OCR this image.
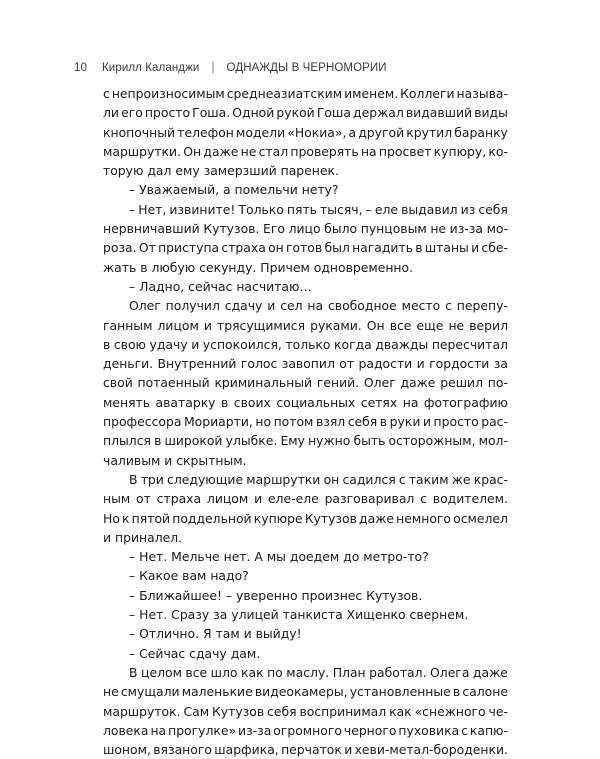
10 Кирилл Каланджи | ОДНАЖДЫ В ЧЕРНОМОРИИ
с непроизносимым среднеазиатским именем. Коллеги называ-
ли его просто Гоша. Одной рукой Гоша держал видавший виды
кнопочный телефон модели «Нокиа», а другой крутил баранку
маршрутки. Он даже не стал проверять на просвет купюру, ко-
торую дал ему замерзший паренек.
– Уважаемый, а помельчи нету?
– Нет, извините! Только пять тысяч, – еле выдавил из себя
нервничавший Кутузов. Его лицо было пунцовым не из-за мо-
роза. От приступа страха он готов был нагадить в штаны и сбе-
жать в любую секунду. Причем одновременно.
– Ладно, сейчас насчитаю…
Олег получил сдачу и сел на свободное место с перепу-
ганным лицом и трясущимися руками. Он все еще не верил
в свою удачу и успокоился, только когда дважды пересчитал
деньги. Внутренний голос завопил от радости и гордости за
свой потаенный криминальный гений. Олег даже решил по-
менять аватарку в своих социальных сетях на фотографию
профессора Мориарти, но потом взял себя в руки и просто рас-
плылся в широкой улыбке. Ему нужно быть осторожным, мол-
чаливым и скрытным.
В три следующие маршрутки он садился с таким же крас-
ным от страха лицом и еле-еле разговаривал с водителем.
Но к пятой поддельной купюре Кутузов даже немного осмелел
и приналел.
– Нет. Мельче нет. А мы доедем до метро-то?
– Какое вам надо?
– Ближайшее! – уверенно произнес Кутузов.
– Нет. Сразу за улицей танкиста Хищенко свернем.
– Отлично. Я там и выйду!
– Сейчас сдачу дам.
В целом все шло как по маслу. План работал. Олега даже
не смущали маленькие видеокамеры, установленные в салоне
маршруток. Сам Кутузов себя воспринимал как «снежного че-
ловека на прогулке» из-за огромного черного пуховика с капю-
шоном, вязаного шарфика, перчаток и хеви-метал-бороденки.
